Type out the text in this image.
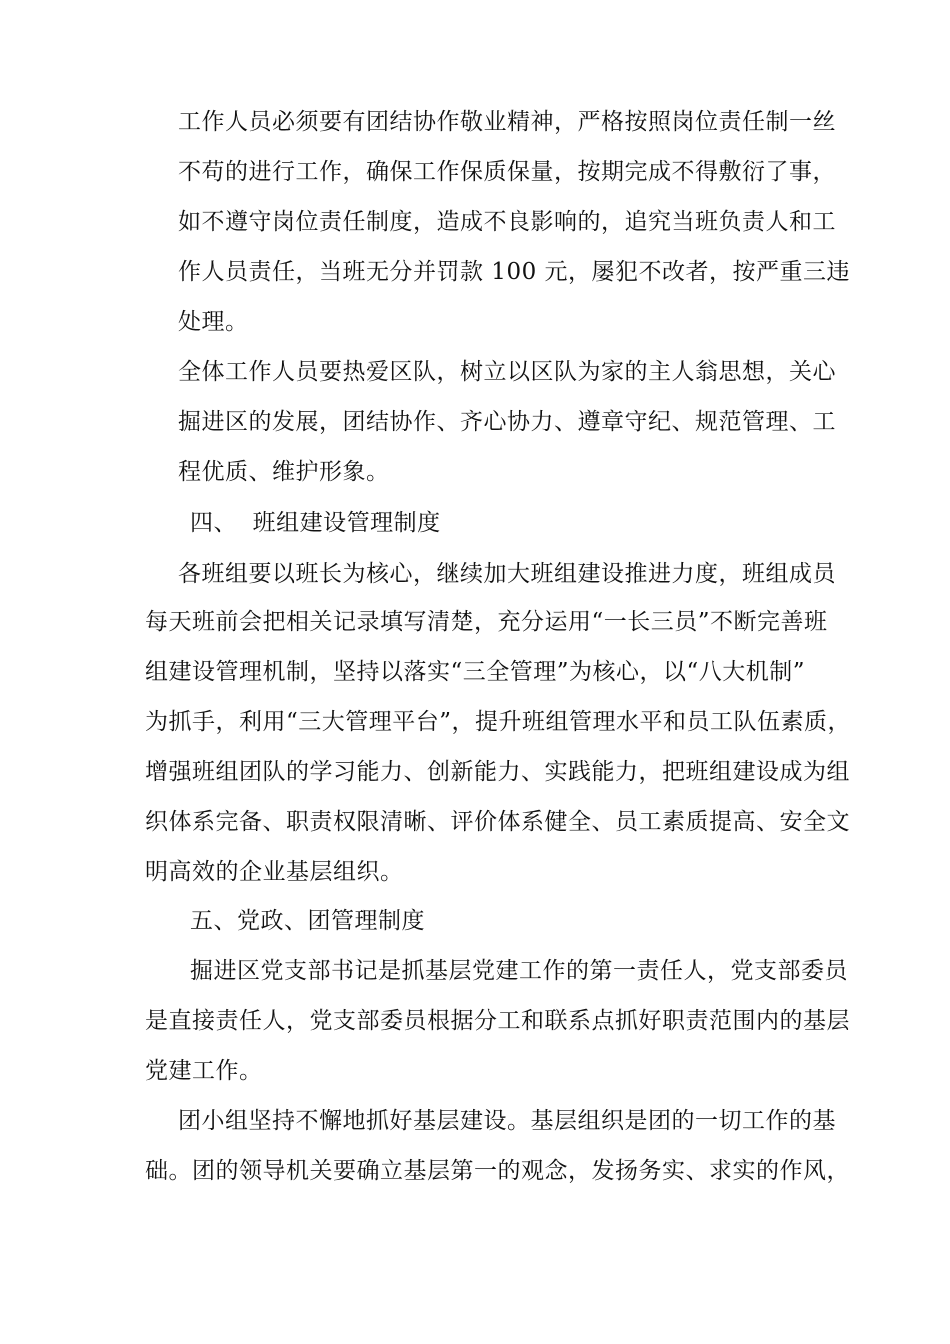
工作人员必须要有团结协作敬业精神，严格按照岗位责任制一丝
不苟的进行工作，确保工作保质保量，按期完成不得敷衍了事，
如不遵守岗位责任制度，造成不良影响的，追究当班负责人和工
作人员责任，当班无分并罚款 100 元，屡犯不改者，按严重三违
处理。
全体工作人员要热爱区队，树立以区队为家的主人翁思想，关心
掘进区的发展，团结协作、齐心协力、遵章守纪、规范管理、工
程优质、维护形象。
四、  班组建设管理制度
各班组要以班长为核心，继续加大班组建设推进力度，班组成员
每天班前会把相关记录填写清楚，充分运用“一长三员”不断完善班
组建设管理机制，坚持以落实“三全管理”为核心，以“八大机制”
为抓手，利用“三大管理平台”，提升班组管理水平和员工队伍素质，
增强班组团队的学习能力、创新能力、实践能力，把班组建设成为组
织体系完备、职责权限清晰、评价体系健全、员工素质提高、安全文
明高效的企业基层组织。
五、党政、团管理制度
掘进区党支部书记是抓基层党建工作的第一责任人，党支部委员
是直接责任人，党支部委员根据分工和联系点抓好职责范围内的基层
党建工作。
团小组坚持不懈地抓好基层建设。基层组织是团的一切工作的基
础。团的领导机关要确立基层第一的观念，发扬务实、求实的作风，
